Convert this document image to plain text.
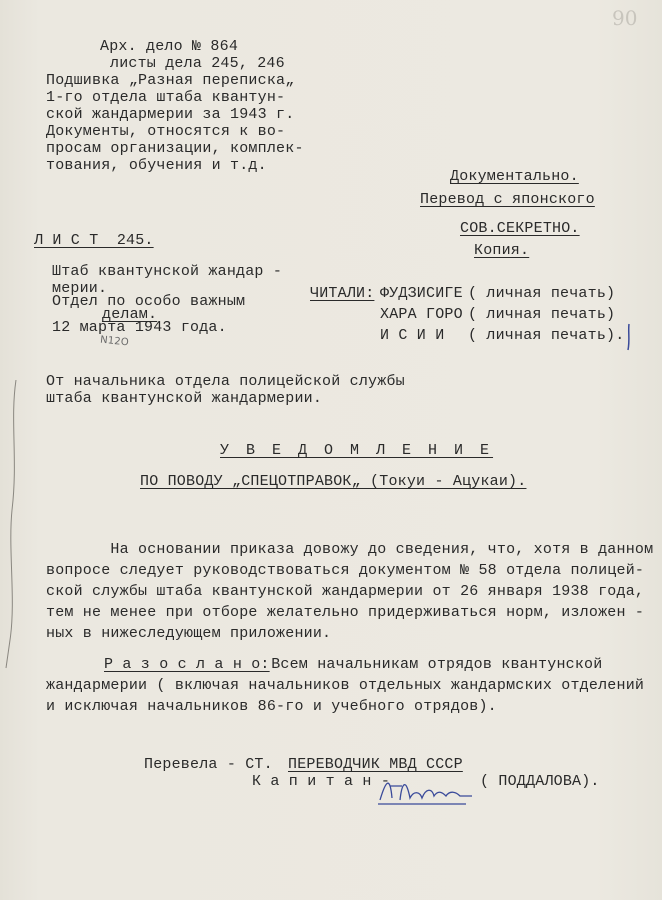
90
Арх. дело № 864
листы дела 245, 246
Подшивка „Разная переписка„
1-го отдела штаба квантун-
ской жандармерии за 1943 г.
Документы, относятся к во-
просам организации, комплек-
тования, обучения и т.д.
Документально.
Перевод с японского
СОВ.СЕКРЕТНО.
Копия.
Л И С Т  245.
Штаб квантунской жандар -
мерии.
Отдел по особо важным
делам.
12 марта 1943 года.
N12O
ЧИТАЛИ: ФУДЗИСИГЕ ( личная печать)
ХАРА ГОРО ( личная печать)
И С И И ( личная печать).
От начальника отдела полицейской службы
штаба квантунской жандармерии.
У В Е Д О М Л Е Н И Е
ПО ПОВОДУ „СПЕЦОТПРАВОК„ (Токуи - Ацукаи).
На основании приказа довожу до сведения, что, хотя в данном
вопросе следует руководствоваться документом № 58 отдела полицей-
ской службы штаба квантунской жандармерии от 26 января 1938 года,
тем не менее при отборе желательно придерживаться норм, изложен -
ных в нижеследующем приложении.
Р а з о с л а н о:
Всем начальникам отрядов квантунской
жандармерии ( включая начальников отдельных жандармских отделений
и исключая начальников 86-го и учебного отрядов).
Перевела - СТ. ПЕРЕВОДЧИК МВД СССР
К а п и т а н -	( ПОДДАЛОВА).
